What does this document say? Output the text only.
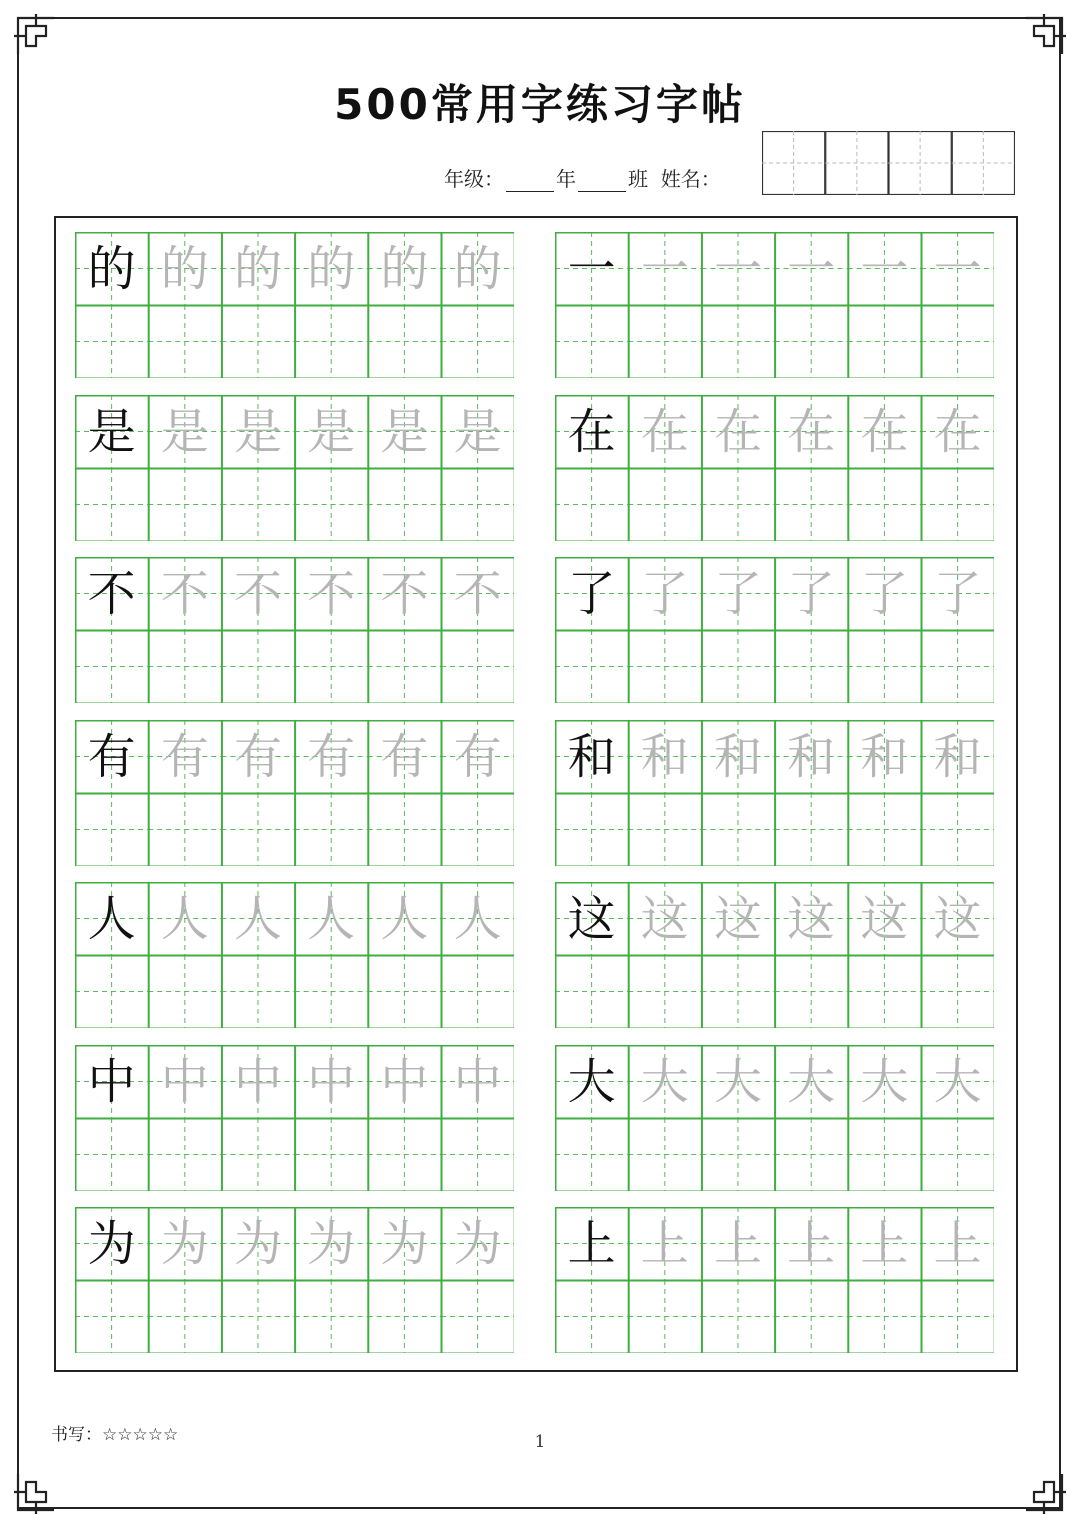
500常用字练习字帖
年级：	年	班 姓名：
的 的 的 的 的 的 一 一 一 一 一 一
是 是 是 是 是 是 在 在 在 在 在 在
不 不 不 不 不 不 了 了 了 了 了 了
有 有 有 有 有 有 和 和 和 和 和 和
人 人 人 人 人 人 这 这 这 这 这 这
中 中 中 中 中 中 大 大 大 大 大 大
为 为 为 为 为 为 上 上 上 上 上 上
书写：☆☆☆☆☆	1
